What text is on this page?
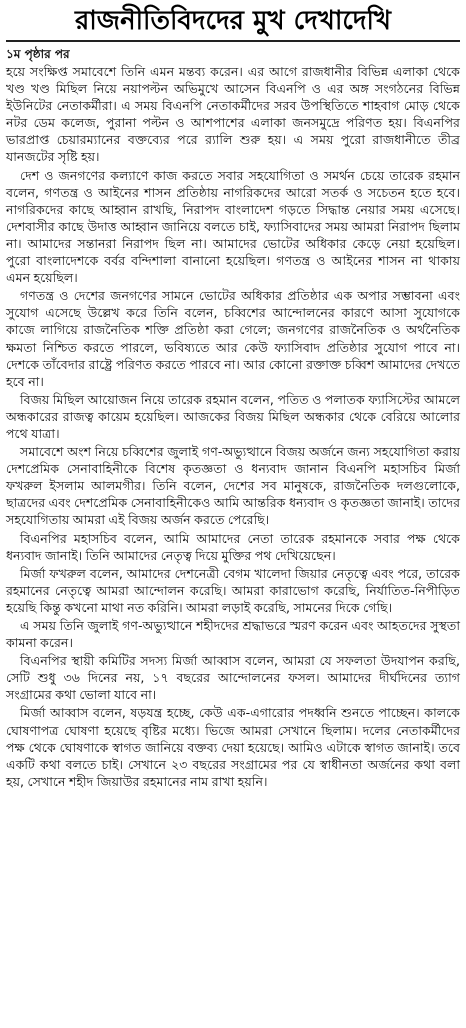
রাজনীতিবিদদের মুখ দেখাদেখি
১ম পৃষ্ঠার পর

হয়ে সংক্ষিপ্ত সমাবেশে তিনি এমন মন্তব্য করেন। এর আগে রাজধানীর বিভিন্ন এলাকা থেকে খণ্ড খণ্ড মিছিল নিয়ে নয়াপল্টন অভিমুখে আসেন বিএনপি ও এর অঙ্গ সংগঠনের বিভিন্ন ইউনিটের নেতাকর্মীরা। এ সময় বিএনপি নেতাকর্মীদের সরব উপস্থিতিতে শাহবাগ মোড় থেকে নটর ডেম কলেজ, পুরানা পল্টন ও আশপাশের এলাকা জনসমুদ্রে পরিণত হয়। বিএনপির ভারপ্রাপ্ত চেয়ারম্যানের বক্তব্যের পরে র‍্যালি শুরু হয়। এ সময় পুরো রাজধানীতে তীব্র যানজটের সৃষ্টি হয়।

দেশ ও জনগণের কল্যাণে কাজ করতে সবার সহযোগিতা ও সমর্থন চেয়ে তারেক রহমান বলেন, গণতন্ত্র ও আইনের শাসন প্রতিষ্ঠায় নাগরিকদের আরো সতর্ক ও সচেতন হতে হবে। নাগরিকদের কাছে আহ্বান রাখছি, নিরাপদ বাংলাদেশ গড়তে সিদ্ধান্ত নেয়ার সময় এসেছে। দেশবাসীর কাছে উদাত্ত আহ্বান জানিয়ে বলতে চাই, ফ্যাসিবাদের সময় আমরা নিরাপদ ছিলাম না। আমাদের সন্তানরা নিরাপদ ছিল না। আমাদের ভোটের অধিকার কেড়ে নেয়া হয়েছিল। পুরো বাংলাদেশকে বর্বর বন্দিশালা বানানো হয়েছিল। গণতন্ত্র ও আইনের শাসন না থাকায় এমন হয়েছিল।

গণতন্ত্র ও দেশের জনগণের সামনে ভোটের অধিকার প্রতিষ্ঠার এক অপার সম্ভাবনা এবং সুযোগ এসেছে উল্লেখ করে তিনি বলেন, চব্বিশের আন্দোলনের কারণে আসা সুযোগকে কাজে লাগিয়ে রাজনৈতিক শক্তি প্রতিষ্ঠা করা গেলে; জনগণের রাজনৈতিক ও অর্থনৈতিক ক্ষমতা নিশ্চিত করতে পারলে, ভবিষ্যতে আর কেউ ফ্যাসিবাদ প্রতিষ্ঠার সুযোগ পাবে না। দেশকে তাঁবেদার রাষ্ট্রে পরিণত করতে পারবে না। আর কোনো রক্তাক্ত চব্বিশ আমাদের দেখতে হবে না।

বিজয় মিছিল আয়োজন নিয়ে তারেক রহমান বলেন, পতিত ও পলাতক ফ্যাসিস্টের আমলে অন্ধকারের রাজত্ব কায়েম হয়েছিল। আজকের বিজয় মিছিল অন্ধকার থেকে বেরিয়ে আলোর পথে যাত্রা।

সমাবেশে অংশ নিয়ে চব্বিশের জুলাই গণ-অভ্যুত্থানে বিজয় অর্জনে জন্য সহযোগিতা করায় দেশপ্রেমিক সেনাবাহিনীকে বিশেষ কৃতজ্ঞতা ও ধন্যবাদ জানান বিএনপি মহাসচিব মির্জা ফখরুল ইসলাম আলমগীর। তিনি বলেন, দেশের সব মানুষকে, রাজনৈতিক দলগুলোকে, ছাত্রদের এবং দেশপ্রেমিক সেনাবাহিনীকেও আমি আন্তরিক ধন্যবাদ ও কৃতজ্ঞতা জানাই। তাদের সহযোগিতায় আমরা এই বিজয় অর্জন করতে পেরেছি।

বিএনপির মহাসচিব বলেন, আমি আমাদের নেতা তারেক রহমানকে সবার পক্ষ থেকে ধন্যবাদ জানাই। তিনি আমাদের নেতৃত্ব দিয়ে মুক্তির পথ দেখিয়েছেন।

মির্জা ফখরুল বলেন, আমাদের দেশনেত্রী বেগম খালেদা জিয়ার নেতৃত্বে এবং পরে, তারেক রহমানের নেতৃত্বে আমরা আন্দোলন করেছি। আমরা কারাভোগ করেছি, নির্যাতিত-নিপীড়িত হয়েছি কিন্তু কখনো মাথা নত করিনি। আমরা লড়াই করেছি, সামনের দিকে গেছি।

এ সময় তিনি জুলাই গণ-অভ্যুত্থানে শহীদদের শ্রদ্ধাভরে স্মরণ করেন এবং আহতদের সুস্থতা কামনা করেন।

বিএনপির স্থায়ী কমিটির সদস্য মির্জা আব্বাস বলেন, আমরা যে সফলতা উদযাপন করছি, সেটি শুধু ৩৬ দিনের নয়, ১৭ বছরের আন্দোলনের ফসল। আমাদের দীর্ঘদিনের ত্যাগ সংগ্রামের কথা ভোলা যাবে না।

মির্জা আব্বাস বলেন, ষড়যন্ত্র হচ্ছে, কেউ এক-এগারোর পদধ্বনি শুনতে পাচ্ছেন। কালকে ঘোষণাপত্র ঘোষণা হয়েছে বৃষ্টির মধ্যে। ভিজে আমরা সেখানে ছিলাম। দলের নেতাকর্মীদের পক্ষ থেকে ঘোষণাকে স্বাগত জানিয়ে বক্তব্য দেয়া হয়েছে। আমিও এটাকে স্বাগত জানাই। তবে একটি কথা বলতে চাই। সেখানে ২৩ বছরের সংগ্রামের পর যে স্বাধীনতা অর্জনের কথা বলা হয়, সেখানে শহীদ জিয়াউর রহমানের নাম রাখা হয়নি।
